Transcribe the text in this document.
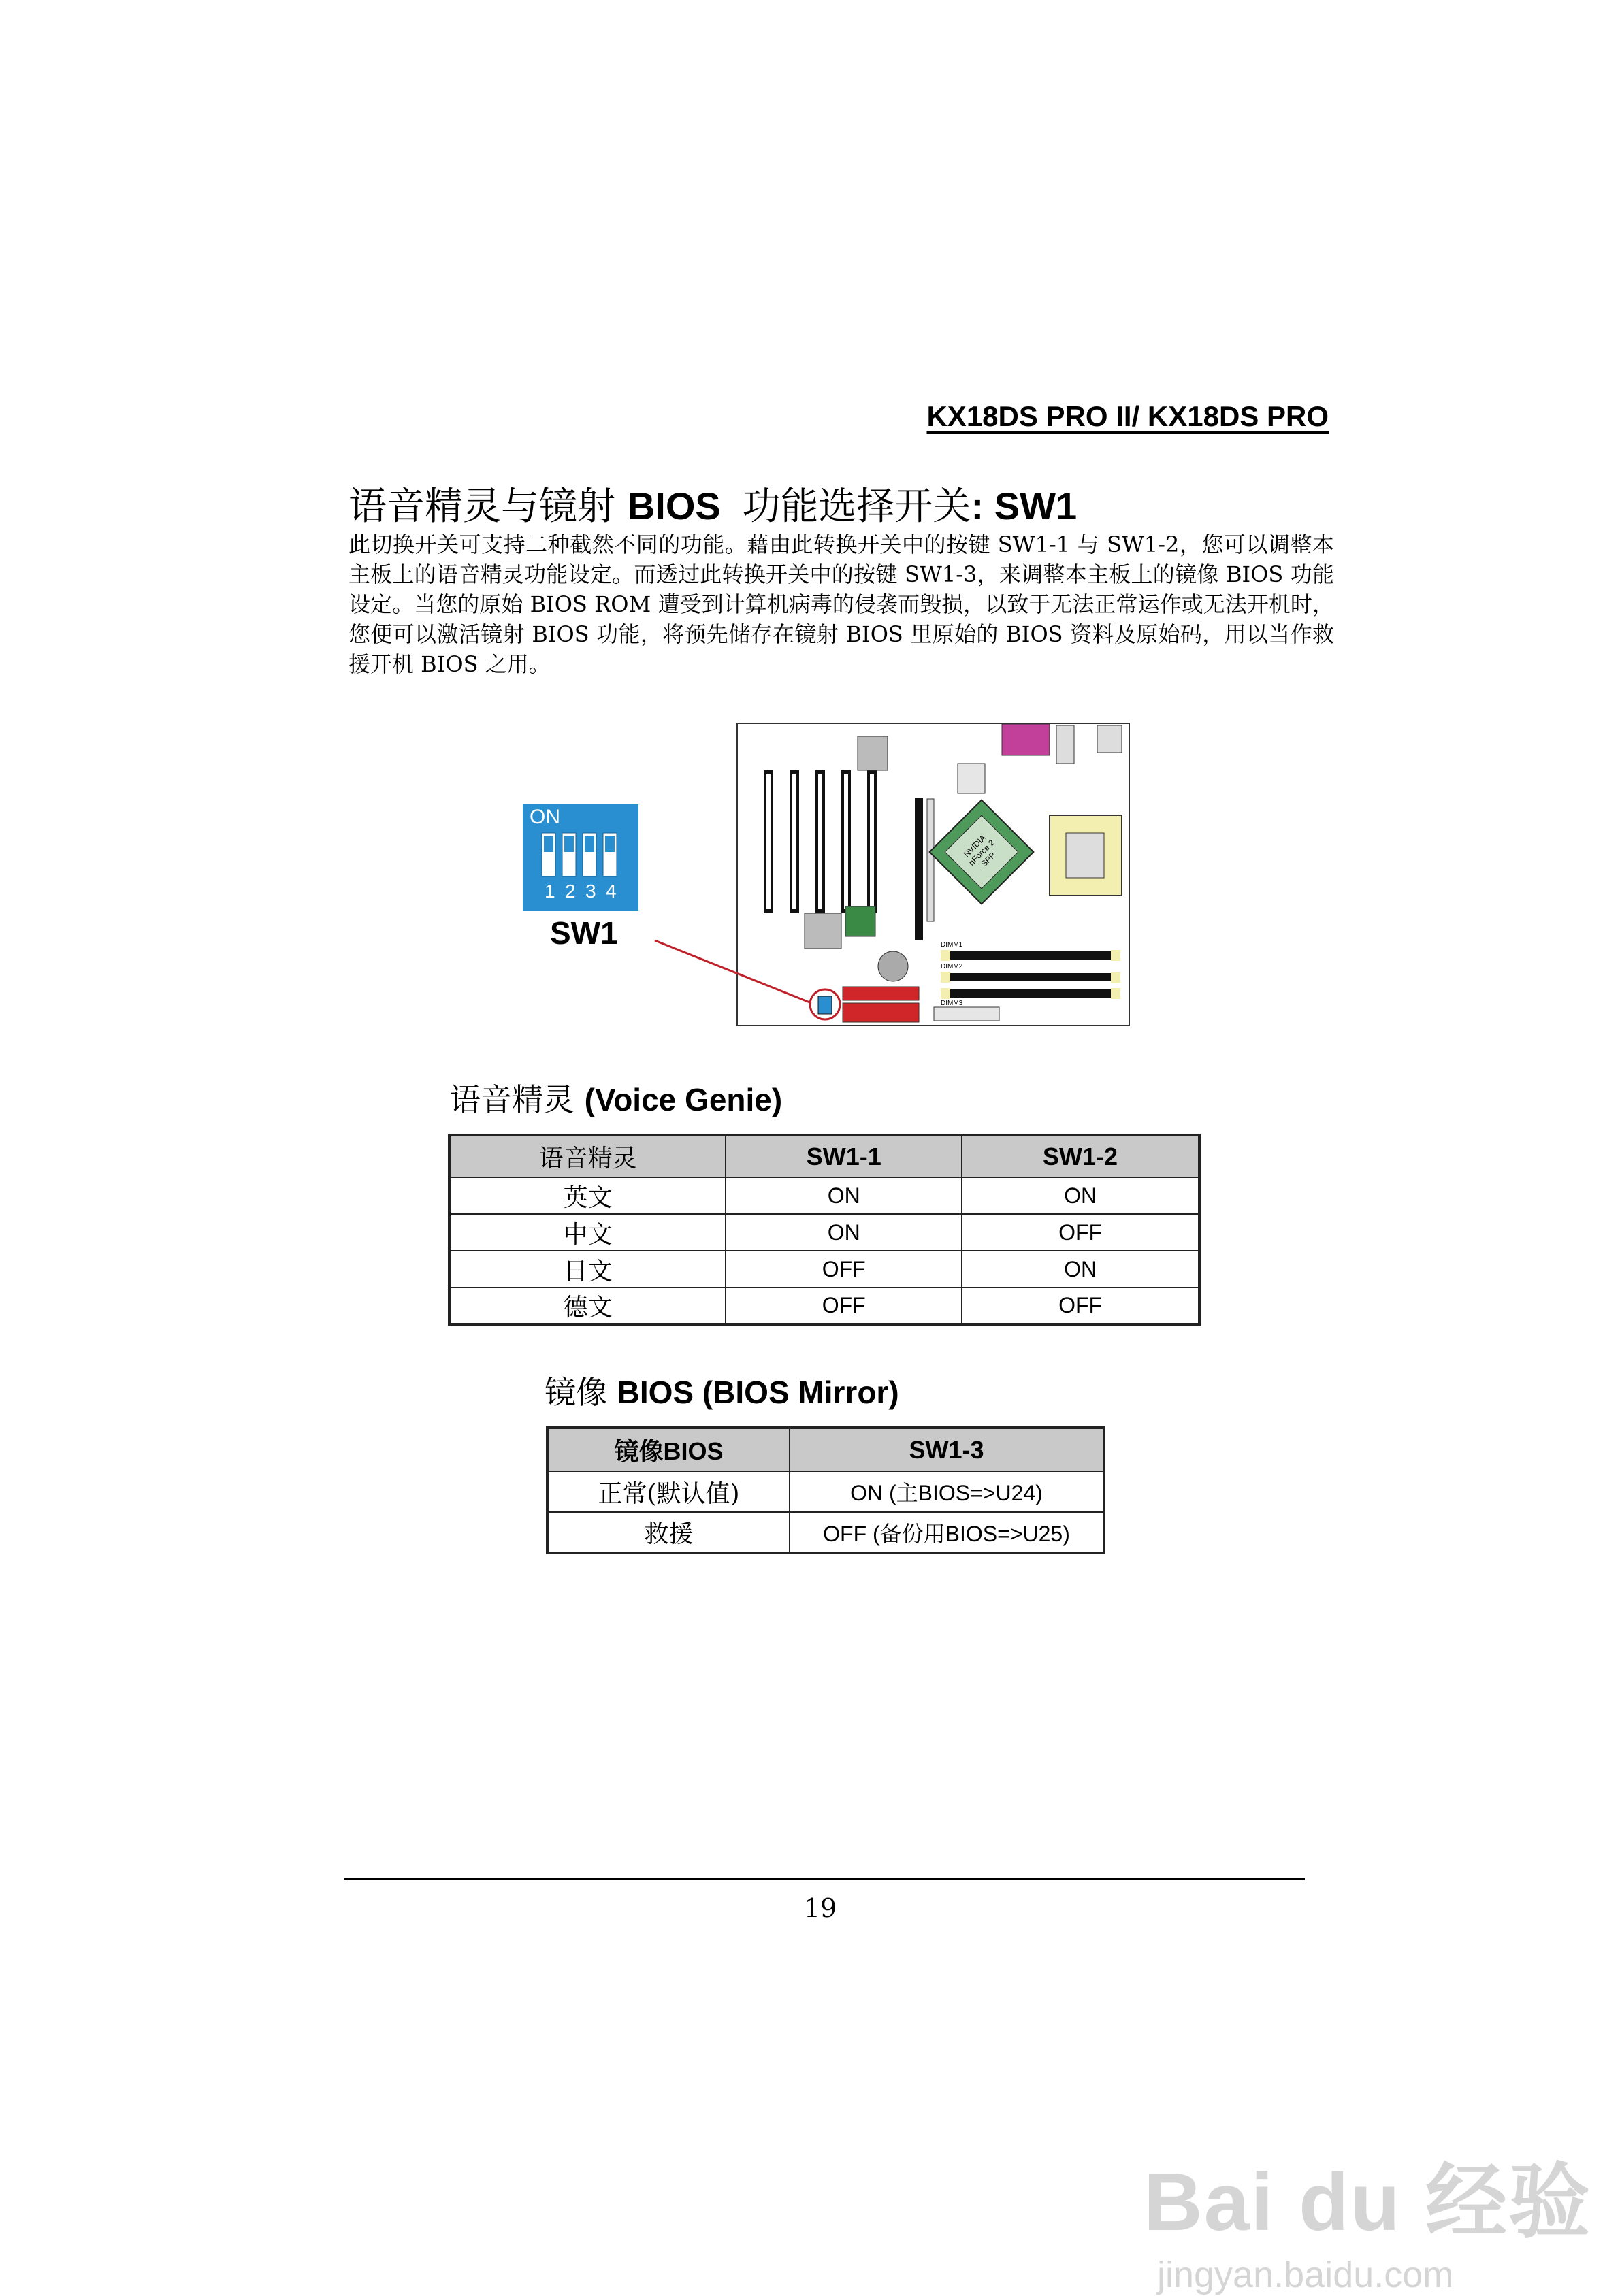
KX18DS PRO II/ KX18DS PRO
语音精灵与镜射 BIOS 功能选择开关: SW1
此切换开关可支持二种截然不同的功能。藉由此转换开关中的按键 SW1-1 与 SW1-2，您可以调整本主板上的语音精灵功能设定。而透过此转换开关中的按键 SW1-3，来调整本主板上的镜像 BIOS 功能设定。当您的原始 BIOS ROM 遭受到计算机病毒的侵袭而毁损，以致于无法正常运作或无法开机时，您便可以激活镜射 BIOS 功能，将预先储存在镜射 BIOS 里原始的 BIOS 资料及原始码，用以当作救援开机 BIOS 之用。
ON
1 2 3 4
SW1
NVIDIA nForce 2 SPP
DIMM1
DIMM2
DIMM3
语音精灵 (Voice Genie)
语音精灵	SW1-1	SW1-2
英文	ON	ON
中文	ON	OFF
日文	OFF	ON
德文	OFF	OFF
镜像 BIOS (BIOS Mirror)
镜像BIOS	SW1-3
正常(默认值)	ON (主BIOS=>U24)
救援	OFF (备份用BIOS=>U25)
19
Bai du 经验
jingyan.baidu.com
